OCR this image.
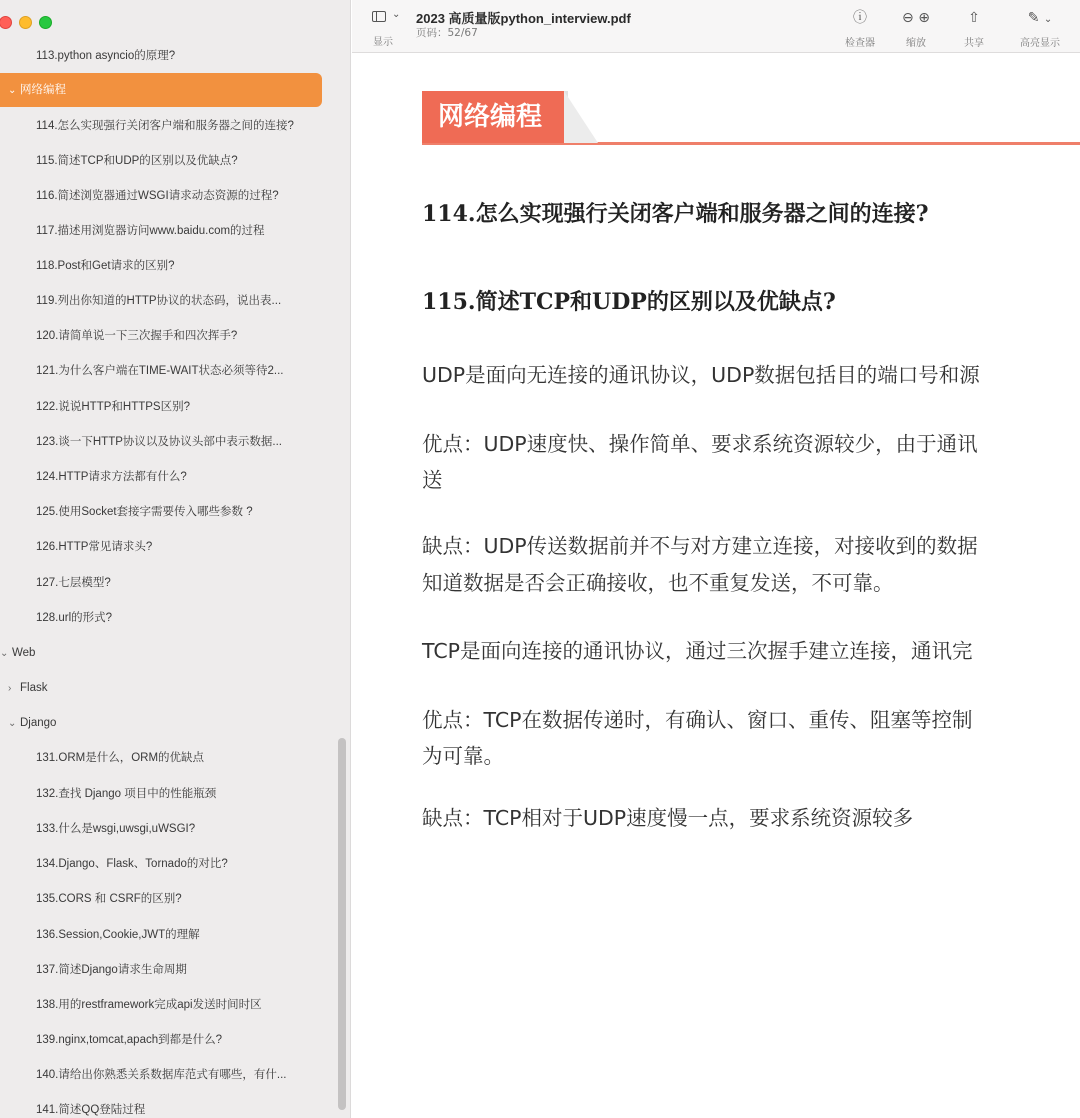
113.python asyncio的原理?
⌄ 网络编程
114.怎么实现强行关闭客户端和服务器之间的连接?
115.简述TCP和UDP的区别以及优缺点?
116.简述浏览器通过WSGI请求动态资源的过程?
117.描述用浏览器访问www.baidu.com的过程
118.Post和Get请求的区别?
119.列出你知道的HTTP协议的状态码，说出表...
120.请简单说一下三次握手和四次挥手?
121.为什么客户端在TIME-WAIT状态必须等待2...
122.说说HTTP和HTTPS区别?
123.谈一下HTTP协议以及协议头部中表示数据...
124.HTTP请求方法都有什么?
125.使用Socket套接字需要传入哪些参数 ?
126.HTTP常见请求头?
127.七层模型?
128.url的形式?
⌄ Web
› Flask
⌄ Django
131.ORM是什么，ORM的优缺点
132.查找 Django 项目中的性能瓶颈
133.什么是wsgi,uwsgi,uWSGI?
134.Django、Flask、Tornado的对比?
135.CORS 和 CSRF的区别?
136.Session,Cookie,JWT的理解
137.简述Django请求生命周期
138.用的restframework完成api发送时间时区
139.nginx,tomcat,apach到都是什么?
140.请给出你熟悉关系数据库范式有哪些，有什...
141.简述QQ登陆过程
⌄
显示
2023 高质量版python_interview.pdf
页码：52/67
ⓘ
检查器
⊖ ⊕
缩放
⇧
共享
✎ ⌄
高亮显示
网络编程
114.怎么实现强行关闭客户端和服务器之间的连接?
115.简述TCP和UDP的区别以及优缺点?
UDP是面向无连接的通讯协议，UDP数据包括目的端口号和源
优点：UDP速度快、操作简单、要求系统资源较少，由于通讯
送
缺点：UDP传送数据前并不与对方建立连接，对接收到的数据
知道数据是否会正确接收，也不重复发送，不可靠。
TCP是面向连接的通讯协议，通过三次握手建立连接，通讯完
优点：TCP在数据传递时，有确认、窗口、重传、阻塞等控制
为可靠。
缺点：TCP相对于UDP速度慢一点，要求系统资源较多
